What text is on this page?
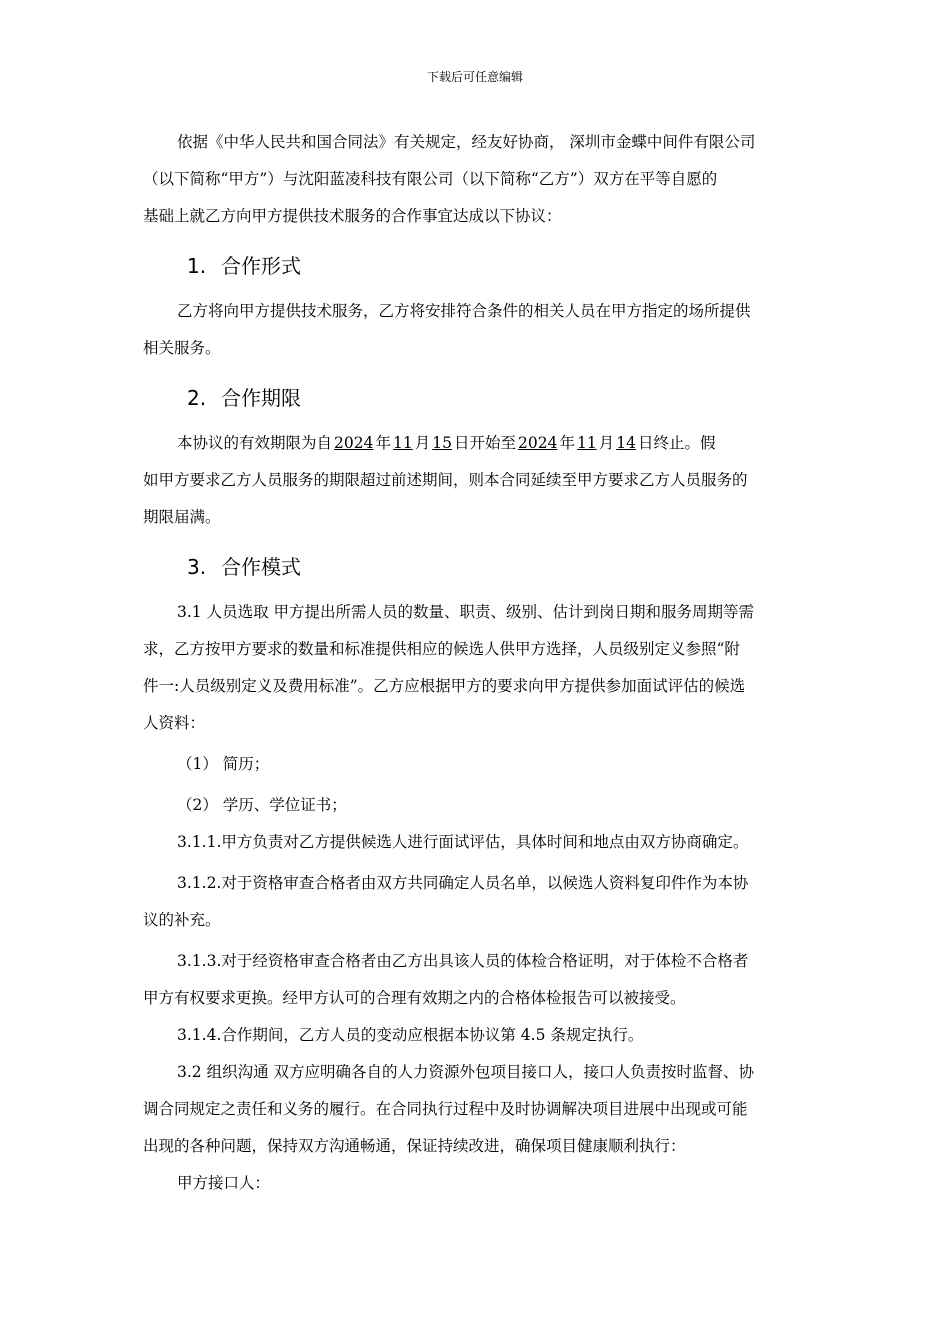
下载后可任意编辑

依据《中华人民共和国合同法》有关规定，经友好协商， 深圳市金蝶中间件有限公司

（以下简称“甲方”）与沈阳蓝凌科技有限公司（以下简称“乙方”）双方在平等自愿的

基础上就乙方向甲方提供技术服务的合作事宜达成以下协议：

1. 合作形式

乙方将向甲方提供技术服务，乙方将安排符合条件的相关人员在甲方指定的场所提供

相关服务。

2. 合作期限

本协议的有效期限为自 2024 年 11 月 15 日开始至 2024 年 11 月 14 日终止。假

如甲方要求乙方人员服务的期限超过前述期间，则本合同延续至甲方要求乙方人员服务的

期限届满。

3. 合作模式

3.1 人员选取 甲方提出所需人员的数量、职责、级别、估计到岗日期和服务周期等需

求，乙方按甲方要求的数量和标准提供相应的候选人供甲方选择，人员级别定义参照“附

件一:人员级别定义及费用标准”。乙方应根据甲方的要求向甲方提供参加面试评估的候选

人资料：

（1） 简历；

（2） 学历、学位证书；

3.1.1.甲方负责对乙方提供候选人进行面试评估，具体时间和地点由双方协商确定。

3.1.2.对于资格审查合格者由双方共同确定人员名单，以候选人资料复印件作为本协

议的补充。

3.1.3.对于经资格审查合格者由乙方出具该人员的体检合格证明，对于体检不合格者

甲方有权要求更换。经甲方认可的合理有效期之内的合格体检报告可以被接受。

3.1.4.合作期间，乙方人员的变动应根据本协议第 4.5 条规定执行。

3.2 组织沟通 双方应明确各自的人力资源外包项目接口人，接口人负责按时监督、协

调合同规定之责任和义务的履行。在合同执行过程中及时协调解决项目进展中出现或可能

出现的各种问题，保持双方沟通畅通，保证持续改进，确保项目健康顺利执行：

甲方接口人：
